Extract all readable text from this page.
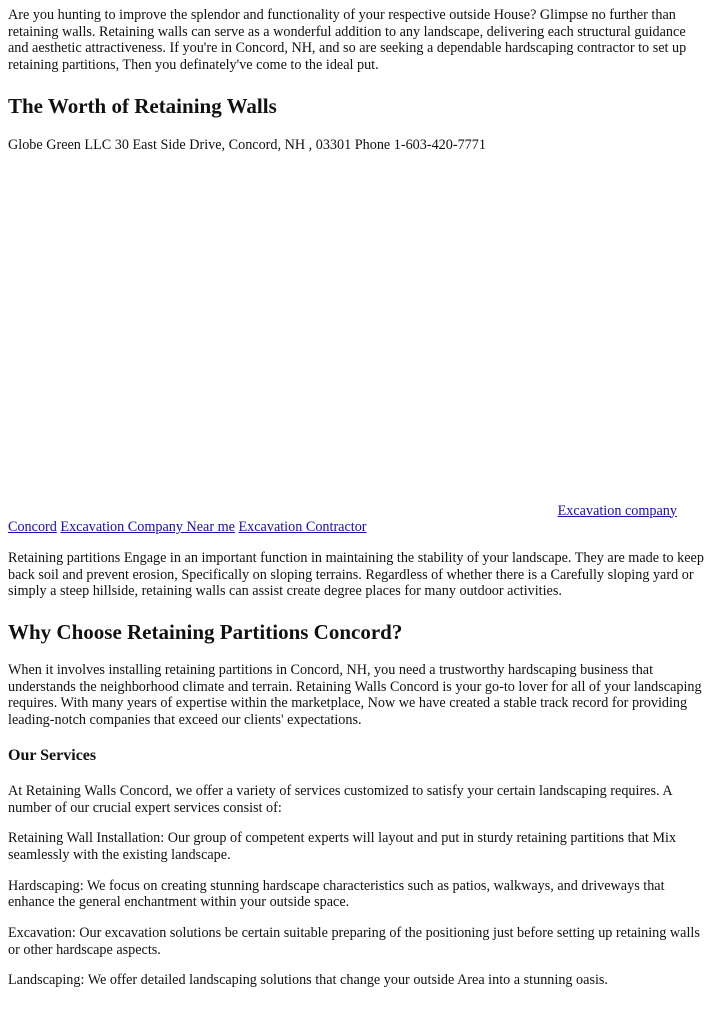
Are you hunting to improve the splendor and functionality of your respective outside House? Glimpse no further than retaining walls. Retaining walls can serve as a wonderful addition to any landscape, delivering each structural guidance and aesthetic attractiveness. If you're in Concord, NH, and so are seeking a dependable hardscaping contractor to set up retaining partitions, Then you definately've come to the ideal put.

The Worth of Retaining Walls

Globe Green LLC 30 East Side Drive, Concord, NH , 03301 Phone 1-603-420-7771

Excavation company
Concord Excavation Company Near me Excavation Contractor

Retaining partitions Engage in an important function in maintaining the stability of your landscape. They are made to keep back soil and prevent erosion, Specifically on sloping terrains. Regardless of whether there is a Carefully sloping yard or simply a steep hillside, retaining walls can assist create degree places for many outdoor activities.

Why Choose Retaining Partitions Concord?

When it involves installing retaining partitions in Concord, NH, you need a trustworthy hardscaping business that understands the neighborhood climate and terrain. Retaining Walls Concord is your go-to lover for all of your landscaping requires. With many years of expertise within the marketplace, Now we have created a stable track record for providing leading-notch companies that exceed our clients' expectations.

Our Services

At Retaining Walls Concord, we offer a variety of services customized to satisfy your certain landscaping requires. A number of our crucial expert services consist of:

Retaining Wall Installation: Our group of competent experts will layout and put in sturdy retaining partitions that Mix seamlessly with the existing landscape.

Hardscaping: We focus on creating stunning hardscape characteristics such as patios, walkways, and driveways that enhance the general enchantment within your outside space.

Excavation: Our excavation solutions be certain suitable preparing of the positioning just before setting up retaining walls or other hardscape aspects.

Landscaping: We offer detailed landscaping solutions that change your outside Area into a stunning oasis.
